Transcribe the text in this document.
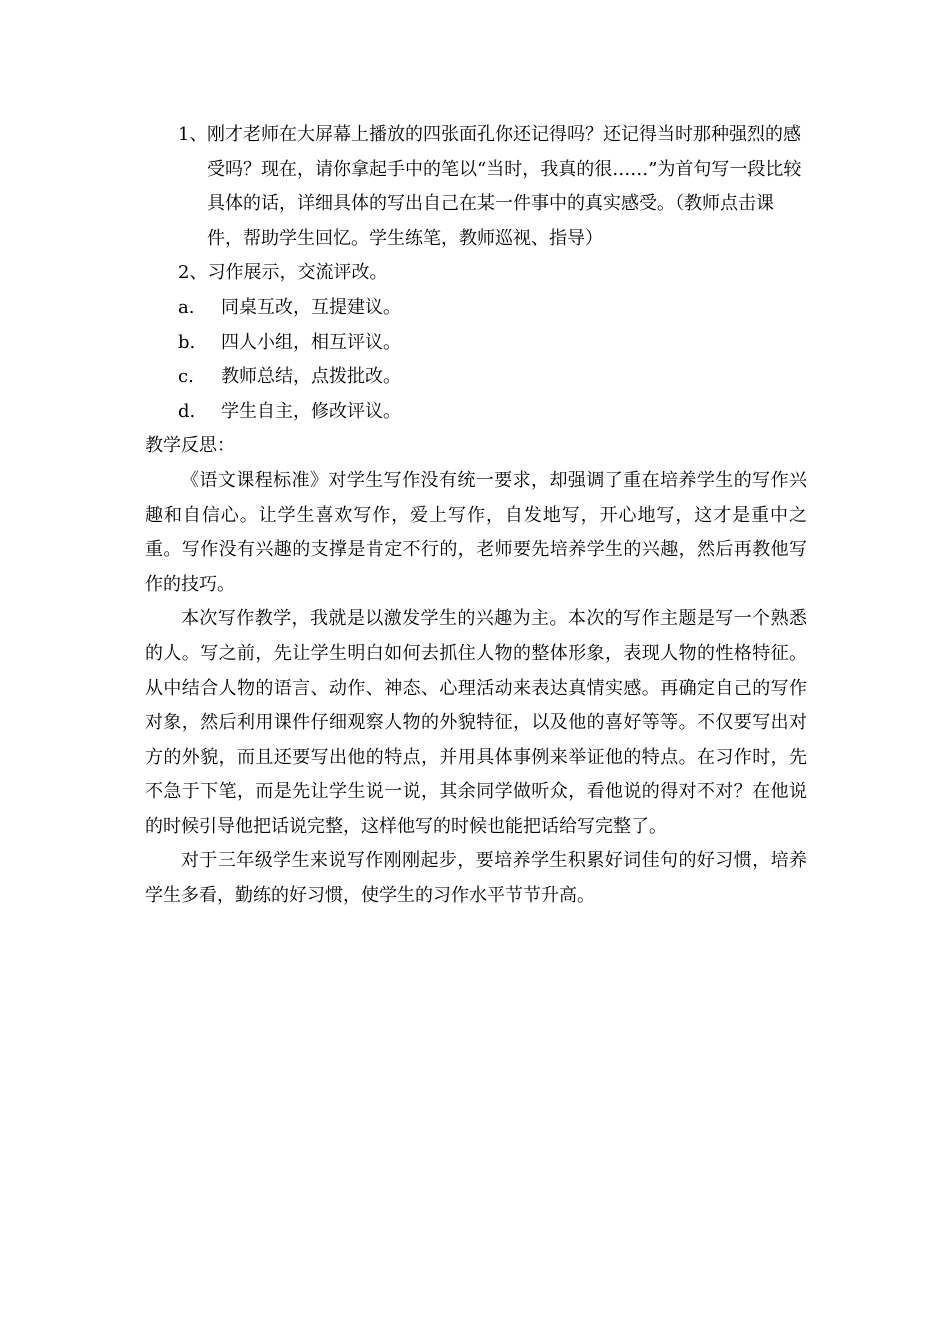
1、 刚才老师在大屏幕上播放的四张面孔你还记得吗？还记得当时那种强烈的感受吗？现在，请你拿起手中的笔以“当时，我真的很……”为首句写一段比较具体的话，详细具体的写出自己在某一件事中的真实感受。（教师点击课件，帮助学生回忆。学生练笔，教师巡视、指导）
2、习作展示，交流评改。
a.	同桌互改，互提建议。
b.	四人小组，相互评议。
c.	教师总结，点拨批改。
d.	学生自主，修改评议。
教学反思：
《语文课程标准》对学生写作没有统一要求，却强调了重在培养学生的写作兴趣和自信心。让学生喜欢写作，爱上写作，自发地写，开心地写，这才是重中之重。写作没有兴趣的支撑是肯定不行的，老师要先培养学生的兴趣，然后再教他写作的技巧。
本次写作教学，我就是以激发学生的兴趣为主。本次的写作主题是写一个熟悉的人。写之前，先让学生明白如何去抓住人物的整体形象，表现人物的性格特征。从中结合人物的语言、动作、神态、心理活动来表达真情实感。再确定自己的写作对象，然后利用课件仔细观察人物的外貌特征，以及他的喜好等等。不仅要写出对方的外貌，而且还要写出他的特点，并用具体事例来举证他的特点。在习作时，先不急于下笔，而是先让学生说一说，其余同学做听众，看他说的得对不对？在他说的时候引导他把话说完整，这样他写的时候也能把话给写完整了。
对于三年级学生来说写作刚刚起步，要培养学生积累好词佳句的好习惯，培养学生多看，勤练的好习惯，使学生的习作水平节节升高。
